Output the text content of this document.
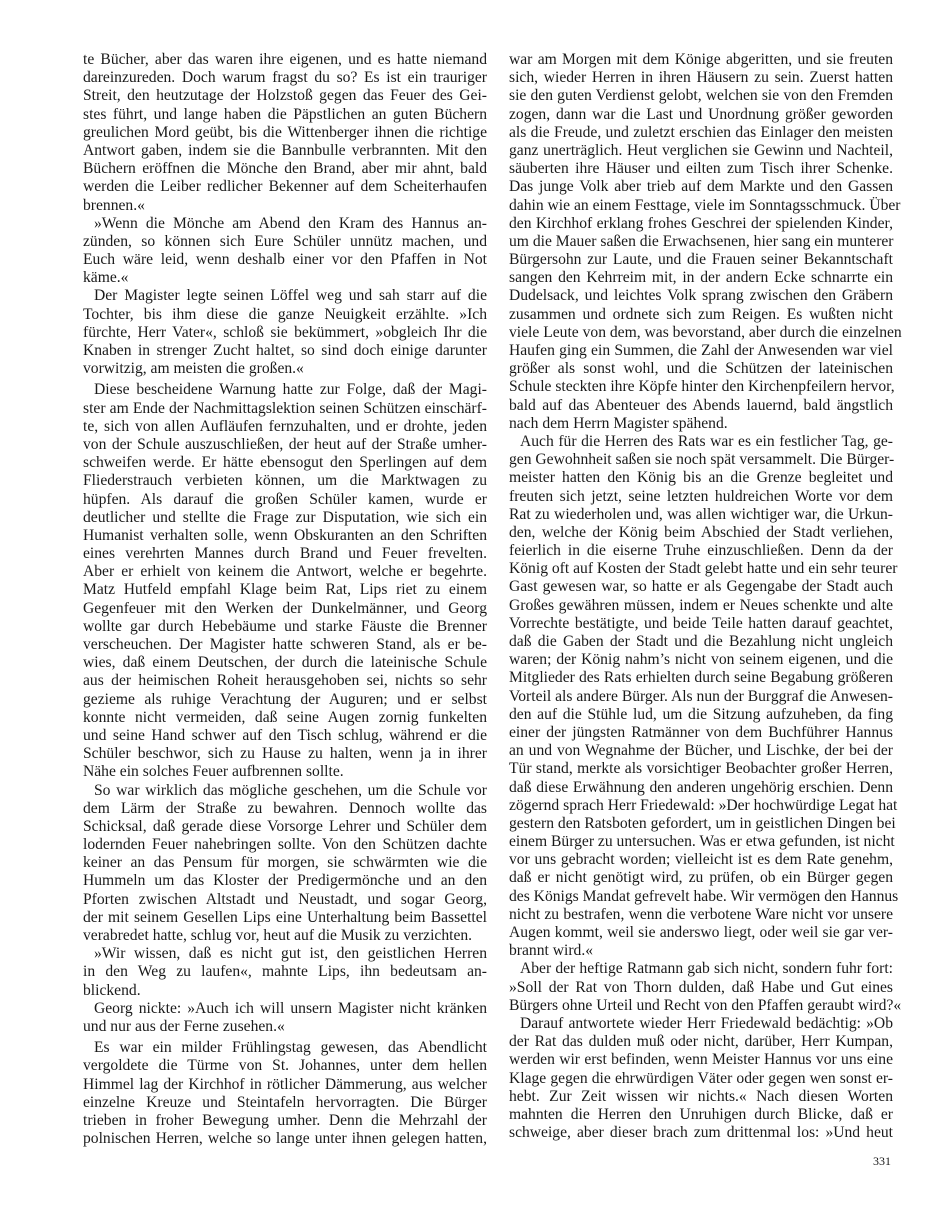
te Bücher, aber das waren ihre eigenen, und es hatte niemand
dareinzureden. Doch warum fragst du so? Es ist ein trauriger
Streit, den heutzutage der Holzstoß gegen das Feuer des Gei-
stes führt, und lange haben die Päpstlichen an guten Büchern
greulichen Mord geübt, bis die Wittenberger ihnen die richtige
Antwort gaben, indem sie die Bannbulle verbrannten. Mit den
Büchern eröffnen die Mönche den Brand, aber mir ahnt, bald
werden die Leiber redlicher Bekenner auf dem Scheiterhaufen
brennen.«
»Wenn die Mönche am Abend den Kram des Hannus an-
zünden, so können sich Eure Schüler unnütz machen, und
Euch wäre leid, wenn deshalb einer vor den Pfaffen in Not
käme.«
Der Magister legte seinen Löffel weg und sah starr auf die
Tochter, bis ihm diese die ganze Neuigkeit erzählte. »Ich
fürchte, Herr Vater«, schloß sie bekümmert, »obgleich Ihr die
Knaben in strenger Zucht haltet, so sind doch einige darunter
vorwitzig, am meisten die großen.«
Diese bescheidene Warnung hatte zur Folge, daß der Magi-
ster am Ende der Nachmittagslektion seinen Schützen einschärf-
te, sich von allen Aufläufen fernzuhalten, und er drohte, jeden
von der Schule auszuschließen, der heut auf der Straße umher-
schweifen werde. Er hätte ebensogut den Sperlingen auf dem
Fliederstrauch verbieten können, um die Marktwagen zu
hüpfen. Als darauf die großen Schüler kamen, wurde er
deutlicher und stellte die Frage zur Disputation, wie sich ein
Humanist verhalten solle, wenn Obskuranten an den Schriften
eines verehrten Mannes durch Brand und Feuer frevelten.
Aber er erhielt von keinem die Antwort, welche er begehrte.
Matz Hutfeld empfahl Klage beim Rat, Lips riet zu einem
Gegenfeuer mit den Werken der Dunkelmänner, und Georg
wollte gar durch Hebebäume und starke Fäuste die Brenner
verscheuchen. Der Magister hatte schweren Stand, als er be-
wies, daß einem Deutschen, der durch die lateinische Schule
aus der heimischen Roheit herausgehoben sei, nichts so sehr
gezieme als ruhige Verachtung der Auguren; und er selbst
konnte nicht vermeiden, daß seine Augen zornig funkelten
und seine Hand schwer auf den Tisch schlug, während er die
Schüler beschwor, sich zu Hause zu halten, wenn ja in ihrer
Nähe ein solches Feuer aufbrennen sollte.
So war wirklich das mögliche geschehen, um die Schule vor
dem Lärm der Straße zu bewahren. Dennoch wollte das
Schicksal, daß gerade diese Vorsorge Lehrer und Schüler dem
lodernden Feuer nahebringen sollte. Von den Schützen dachte
keiner an das Pensum für morgen, sie schwärmten wie die
Hummeln um das Kloster der Predigermönche und an den
Pforten zwischen Altstadt und Neustadt, und sogar Georg,
der mit seinem Gesellen Lips eine Unterhaltung beim Bassettel
verabredet hatte, schlug vor, heut auf die Musik zu verzichten.
»Wir wissen, daß es nicht gut ist, den geistlichen Herren
in den Weg zu laufen«, mahnte Lips, ihn bedeutsam an-
blickend.
Georg nickte: »Auch ich will unsern Magister nicht kränken
und nur aus der Ferne zusehen.«
Es war ein milder Frühlingstag gewesen, das Abendlicht
vergoldete die Türme von St. Johannes, unter dem hellen
Himmel lag der Kirchhof in rötlicher Dämmerung, aus welcher
einzelne Kreuze und Steintafeln hervorragten. Die Bürger
trieben in froher Bewegung umher. Denn die Mehrzahl der
polnischen Herren, welche so lange unter ihnen gelegen hatten,
war am Morgen mit dem Könige abgeritten, und sie freuten
sich, wieder Herren in ihren Häusern zu sein. Zuerst hatten
sie den guten Verdienst gelobt, welchen sie von den Fremden
zogen, dann war die Last und Unordnung größer geworden
als die Freude, und zuletzt erschien das Einlager den meisten
ganz unerträglich. Heut verglichen sie Gewinn und Nachteil,
säuberten ihre Häuser und eilten zum Tisch ihrer Schenke.
Das junge Volk aber trieb auf dem Markte und den Gassen
dahin wie an einem Festtage, viele im Sonntagsschmuck. Über
den Kirchhof erklang frohes Geschrei der spielenden Kinder,
um die Mauer saßen die Erwachsenen, hier sang ein munterer
Bürgersohn zur Laute, und die Frauen seiner Bekanntschaft
sangen den Kehrreim mit, in der andern Ecke schnarrte ein
Dudelsack, und leichtes Volk sprang zwischen den Gräbern
zusammen und ordnete sich zum Reigen. Es wußten nicht
viele Leute von dem, was bevorstand, aber durch die einzelnen
Haufen ging ein Summen, die Zahl der Anwesenden war viel
größer als sonst wohl, und die Schützen der lateinischen
Schule steckten ihre Köpfe hinter den Kirchenpfeilern hervor,
bald auf das Abenteuer des Abends lauernd, bald ängstlich
nach dem Herrn Magister spähend.
Auch für die Herren des Rats war es ein festlicher Tag, ge-
gen Gewohnheit saßen sie noch spät versammelt. Die Bürger-
meister hatten den König bis an die Grenze begleitet und
freuten sich jetzt, seine letzten huldreichen Worte vor dem
Rat zu wiederholen und, was allen wichtiger war, die Urkun-
den, welche der König beim Abschied der Stadt verliehen,
feierlich in die eiserne Truhe einzuschließen. Denn da der
König oft auf Kosten der Stadt gelebt hatte und ein sehr teurer
Gast gewesen war, so hatte er als Gegengabe der Stadt auch
Großes gewähren müssen, indem er Neues schenkte und alte
Vorrechte bestätigte, und beide Teile hatten darauf geachtet,
daß die Gaben der Stadt und die Bezahlung nicht ungleich
waren; der König nahm’s nicht von seinem eigenen, und die
Mitglieder des Rats erhielten durch seine Begabung größeren
Vorteil als andere Bürger. Als nun der Burggraf die Anwesen-
den auf die Stühle lud, um die Sitzung aufzuheben, da fing
einer der jüngsten Ratmänner von dem Buchführer Hannus
an und von Wegnahme der Bücher, und Lischke, der bei der
Tür stand, merkte als vorsichtiger Beobachter großer Herren,
daß diese Erwähnung den anderen ungehörig erschien. Denn
zögernd sprach Herr Friedewald: »Der hochwürdige Legat hat
gestern den Ratsboten gefordert, um in geistlichen Dingen bei
einem Bürger zu untersuchen. Was er etwa gefunden, ist nicht
vor uns gebracht worden; vielleicht ist es dem Rate genehm,
daß er nicht genötigt wird, zu prüfen, ob ein Bürger gegen
des Königs Mandat gefrevelt habe. Wir vermögen den Hannus
nicht zu bestrafen, wenn die verbotene Ware nicht vor unsere
Augen kommt, weil sie anderswo liegt, oder weil sie gar ver-
brannt wird.«
Aber der heftige Ratmann gab sich nicht, sondern fuhr fort:
»Soll der Rat von Thorn dulden, daß Habe und Gut eines
Bürgers ohne Urteil und Recht von den Pfaffen geraubt wird?«
Darauf antwortete wieder Herr Friedewald bedächtig: »Ob
der Rat das dulden muß oder nicht, darüber, Herr Kumpan,
werden wir erst befinden, wenn Meister Hannus vor uns eine
Klage gegen die ehrwürdigen Väter oder gegen wen sonst er-
hebt. Zur Zeit wissen wir nichts.« Nach diesen Worten
mahnten die Herren den Unruhigen durch Blicke, daß er
schweige, aber dieser brach zum drittenmal los: »Und heut
331
